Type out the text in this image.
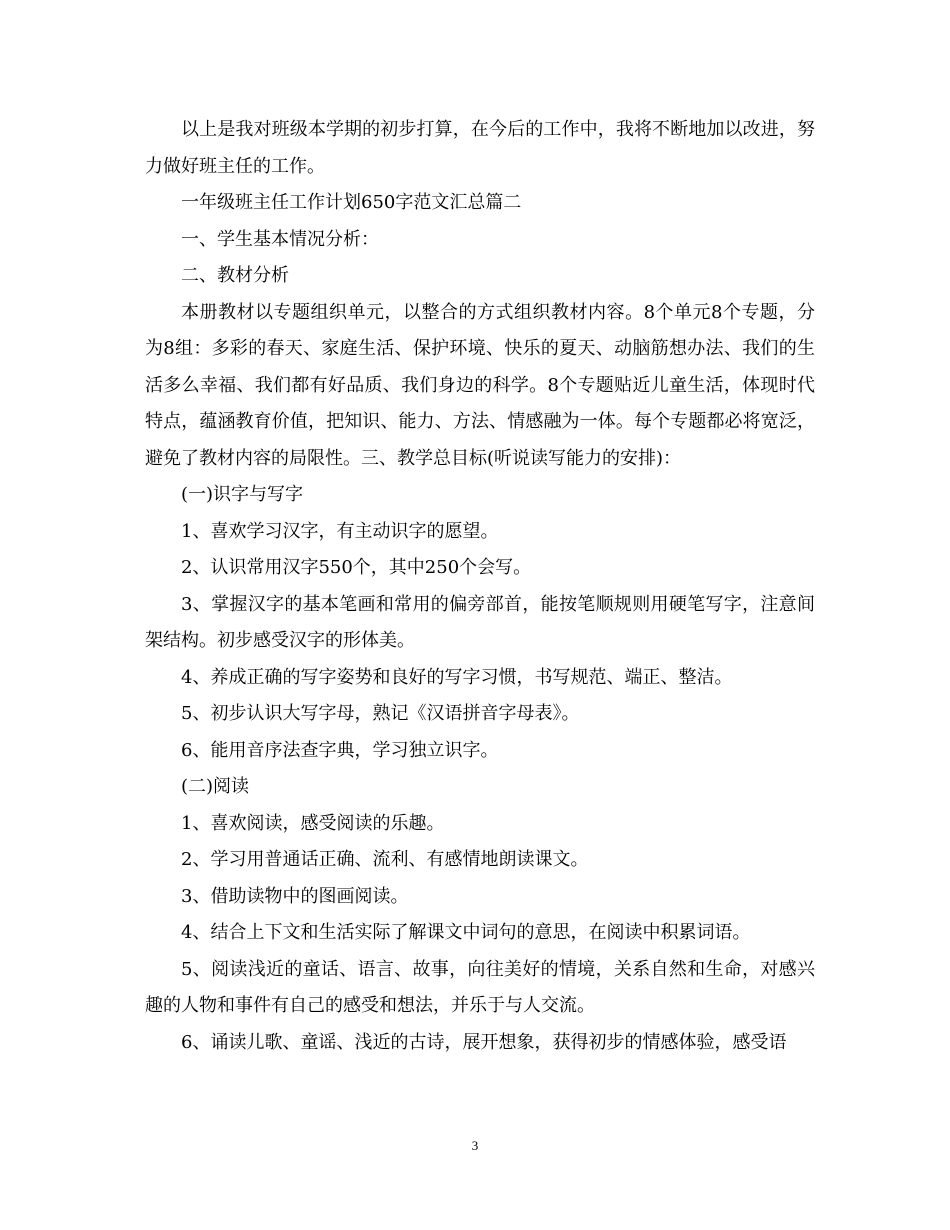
以上是我对班级本学期的初步打算，在今后的工作中，我将不断地加以改进，努力做好班主任的工作。

一年级班主任工作计划650字范文汇总篇二

一、学生基本情况分析：

二、教材分析

本册教材以专题组织单元，以整合的方式组织教材内容。8个单元8个专题，分为8组：多彩的春天、家庭生活、保护环境、快乐的夏天、动脑筋想办法、我们的生活多么幸福、我们都有好品质、我们身边的科学。8个专题贴近儿童生活，体现时代特点，蕴涵教育价值，把知识、能力、方法、情感融为一体。每个专题都必将宽泛，避免了教材内容的局限性。三、教学总目标(听说读写能力的安排)：

(一)识字与写字

1、喜欢学习汉字，有主动识字的愿望。

2、认识常用汉字550个，其中250个会写。

3、掌握汉字的基本笔画和常用的偏旁部首，能按笔顺规则用硬笔写字，注意间架结构。初步感受汉字的形体美。

4、养成正确的写字姿势和良好的写字习惯，书写规范、端正、整洁。

5、初步认识大写字母，熟记《汉语拼音字母表》。

6、能用音序法查字典，学习独立识字。

(二)阅读

1、喜欢阅读，感受阅读的乐趣。

2、学习用普通话正确、流利、有感情地朗读课文。

3、借助读物中的图画阅读。

4、结合上下文和生活实际了解课文中词句的意思，在阅读中积累词语。

5、阅读浅近的童话、语言、故事，向往美好的情境，关系自然和生命，对感兴趣的人物和事件有自己的感受和想法，并乐于与人交流。

6、诵读儿歌、童谣、浅近的古诗，展开想象，获得初步的情感体验，感受语

3
